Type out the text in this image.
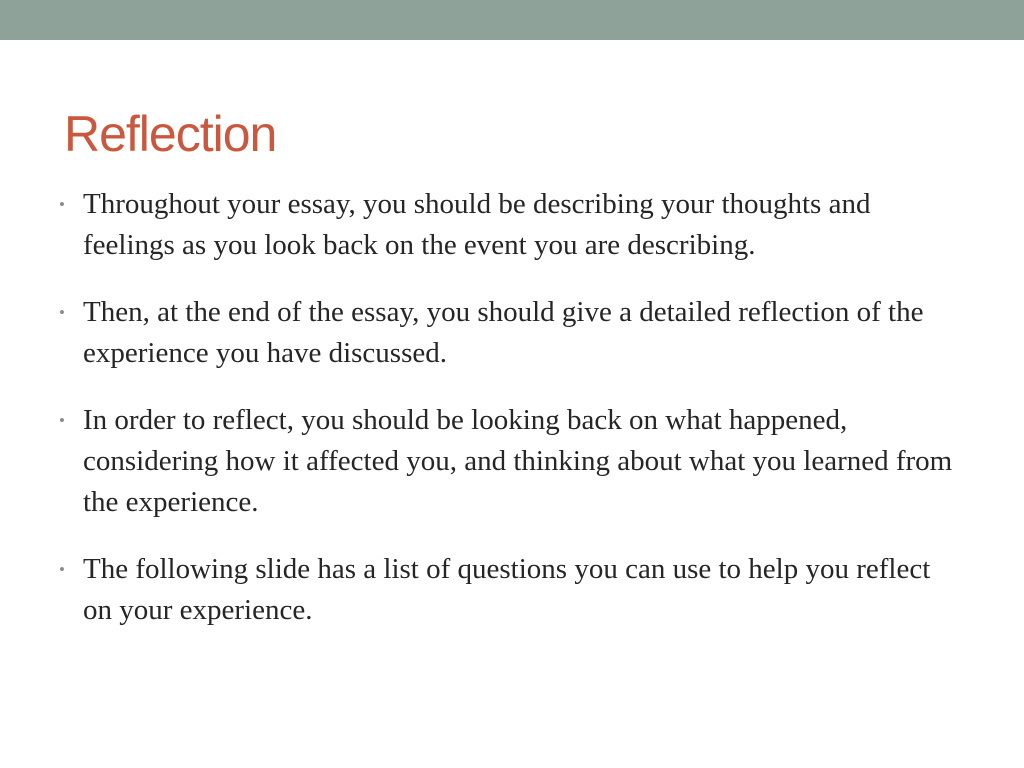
Reflection
• Throughout your essay, you should be describing your thoughts and feelings as you look back on the event you are describing.
• Then, at the end of the essay, you should give a detailed reflection of the experience you have discussed.
• In order to reflect, you should be looking back on what happened, considering how it affected you, and thinking about what you learned from the experience.
• The following slide has a list of questions you can use to help you reflect on your experience.
